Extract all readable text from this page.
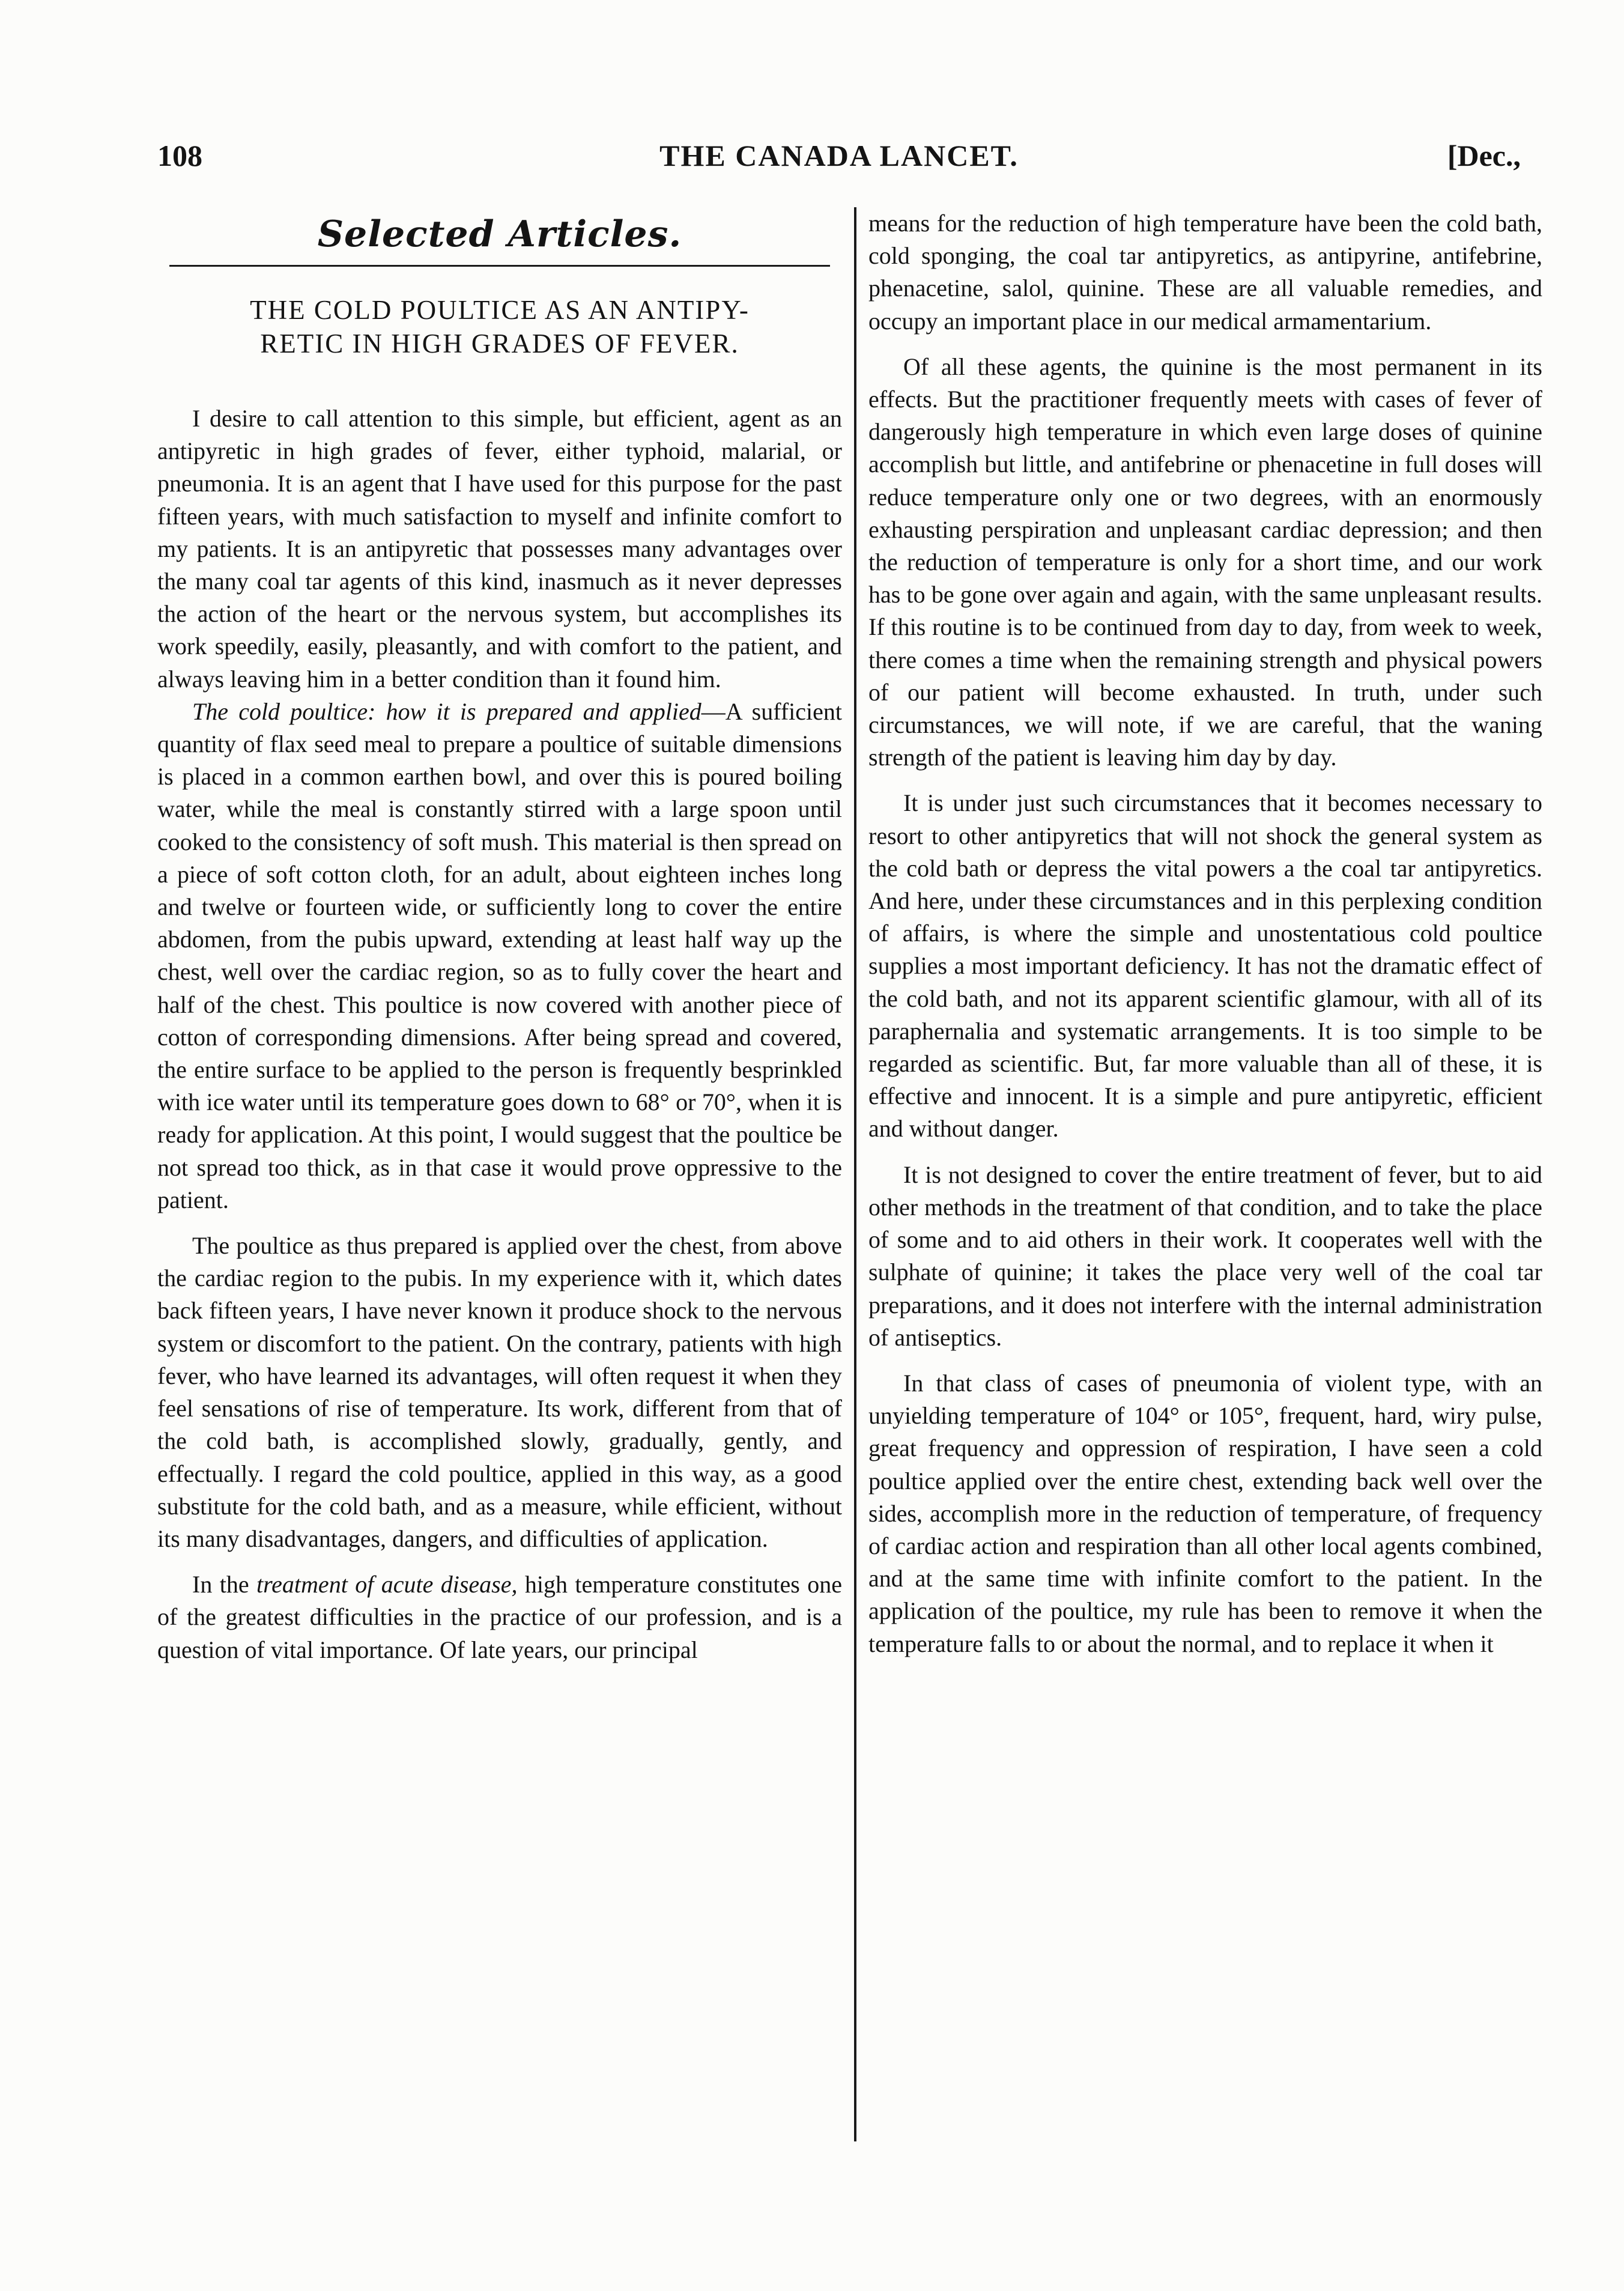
108	THE CANADA LANCET.	[Dec.,
Selected Articles.
THE COLD POULTICE AS AN ANTIPY-
RETIC IN HIGH GRADES OF FEVER.

I desire to call attention to this simple, but efficient, agent as an antipyretic in high grades of fever, either typhoid, malarial, or pneumonia. It is an agent that I have used for this purpose for the past fifteen years, with much satisfaction to myself and infinite comfort to my patients. It is an antipyretic that possesses many advantages over the many coal tar agents of this kind, inasmuch as it never depresses the action of the heart or the nervous system, but accomplishes its work speedily, easily, pleasantly, and with comfort to the patient, and always leaving him in a better condition than it found him.

The cold poultice: how it is prepared and applied—A sufficient quantity of flax seed meal to prepare a poultice of suitable dimensions is placed in a common earthen bowl, and over this is poured boiling water, while the meal is constantly stirred with a large spoon until cooked to the consistency of soft mush. This material is then spread on a piece of soft cotton cloth, for an adult, about eighteen inches long and twelve or fourteen wide, or sufficiently long to cover the entire abdomen, from the pubis upward, extending at least half way up the chest, well over the cardiac region, so as to fully cover the heart and half of the chest. This poultice is now covered with another piece of cotton of corresponding dimensions. After being spread and covered, the entire surface to be applied to the person is frequently besprinkled with ice water until its temperature goes down to 68° or 70°, when it is ready for application. At this point, I would suggest that the poultice be not spread too thick, as in that case it would prove oppressive to the patient.

The poultice as thus prepared is applied over the chest, from above the cardiac region to the pubis. In my experience with it, which dates back fifteen years, I have never known it produce shock to the nervous system or discomfort to the patient. On the contrary, patients with high fever, who have learned its advantages, will often request it when they feel sensations of rise of temperature. Its work, different from that of the cold bath, is accomplished slowly, gradually, gently, and effectually. I regard the cold poultice, applied in this way, as a good substitute for the cold bath, and as a measure, while efficient, without its many disadvantages, dangers, and difficulties of application.

In the treatment of acute disease, high temperature constitutes one of the greatest difficulties in the practice of our profession, and is a question of vital importance. Of late years, our principal

means for the reduction of high temperature have been the cold bath, cold sponging, the coal tar antipyretics, as antipyrine, antifebrine, phenacetine, salol, quinine. These are all valuable remedies, and occupy an important place in our medical armamentarium.

Of all these agents, the quinine is the most permanent in its effects. But the practitioner frequently meets with cases of fever of dangerously high temperature in which even large doses of quinine accomplish but little, and antifebrine or phenacetine in full doses will reduce temperature only one or two degrees, with an enormously exhausting perspiration and unpleasant cardiac depression; and then the reduction of temperature is only for a short time, and our work has to be gone over again and again, with the same unpleasant results. If this routine is to be continued from day to day, from week to week, there comes a time when the remaining strength and physical powers of our patient will become exhausted. In truth, under such circumstances, we will note, if we are careful, that the waning strength of the patient is leaving him day by day.

It is under just such circumstances that it becomes necessary to resort to other antipyretics that will not shock the general system as the cold bath or depress the vital powers a the coal tar antipyretics. And here, under these circumstances and in this perplexing condition of affairs, is where the simple and unostentatious cold poultice supplies a most important deficiency. It has not the dramatic effect of the cold bath, and not its apparent scientific glamour, with all of its paraphernalia and systematic arrangements. It is too simple to be regarded as scientific. But, far more valuable than all of these, it is effective and innocent. It is a simple and pure antipyretic, efficient and without danger.

It is not designed to cover the entire treatment of fever, but to aid other methods in the treatment of that condition, and to take the place of some and to aid others in their work. It cooperates well with the sulphate of quinine; it takes the place very well of the coal tar preparations, and it does not interfere with the internal administration of antiseptics.

In that class of cases of pneumonia of violent type, with an unyielding temperature of 104° or 105°, frequent, hard, wiry pulse, great frequency and oppression of respiration, I have seen a cold poultice applied over the entire chest, extending back well over the sides, accomplish more in the reduction of temperature, of frequency of cardiac action and respiration than all other local agents combined, and at the same time with infinite comfort to the patient. In the application of the poultice, my rule has been to remove it when the temperature falls to or about the normal, and to replace it when it
